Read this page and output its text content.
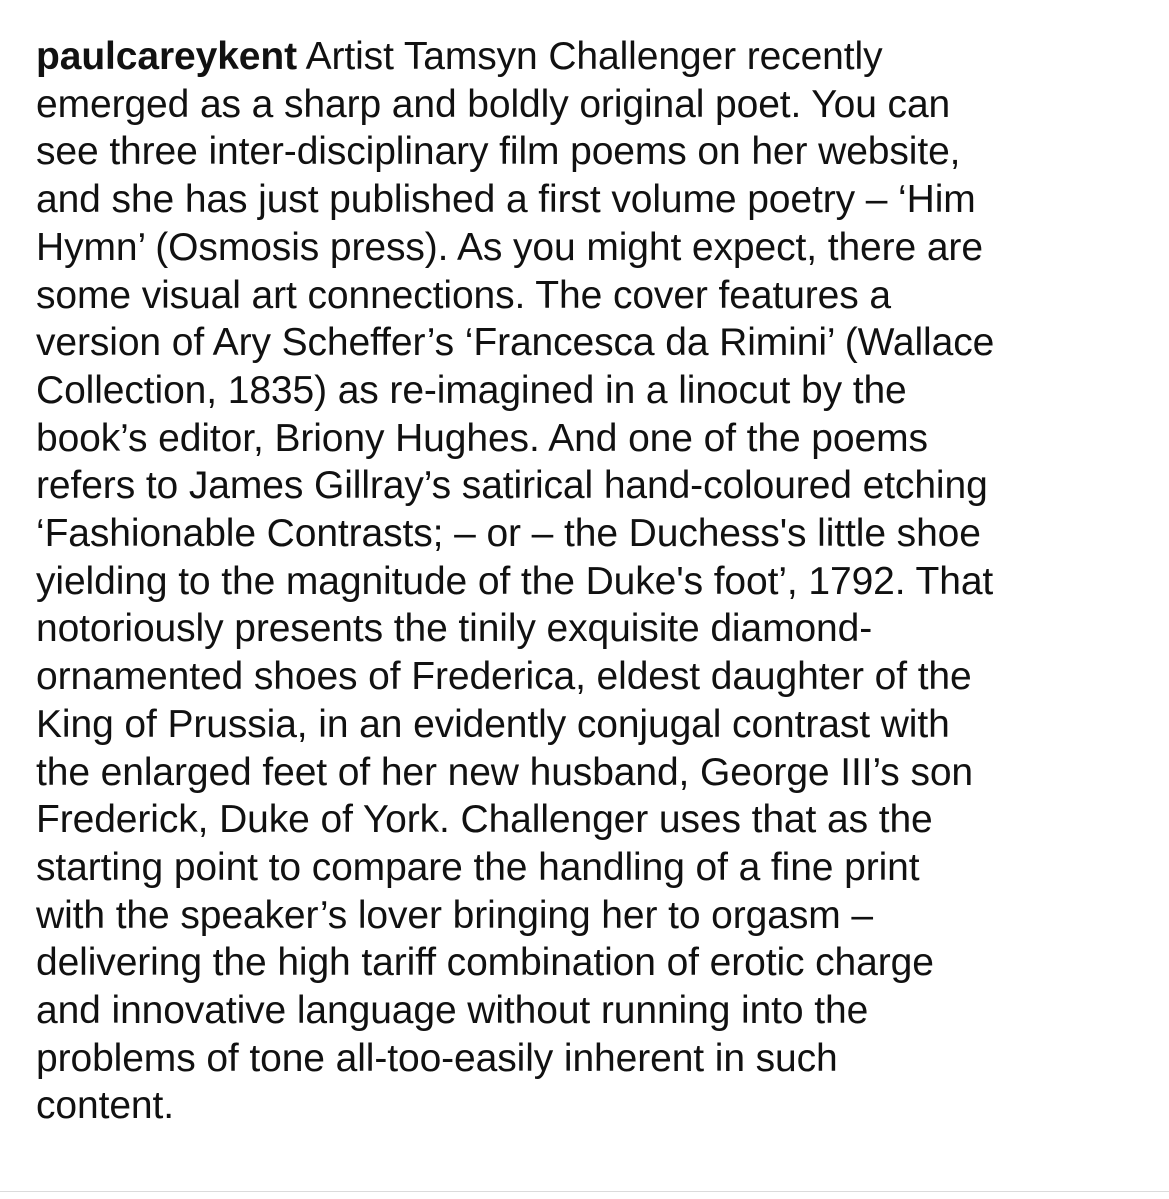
paulcareykent Artist Tamsyn Challenger recently
emerged as a sharp and boldly original poet. You can
see three inter-disciplinary film poems on her website,
and she has just published a first volume poetry – ‘Him
Hymn’ (Osmosis press). As you might expect, there are
some visual art connections. The cover features a
version of Ary Scheffer’s ‘Francesca da Rimini’ (Wallace
Collection, 1835) as re-imagined in a linocut by the
book’s editor, Briony Hughes. And one of the poems
refers to James Gillray’s satirical hand-coloured etching
‘Fashionable Contrasts; – or – the Duchess's little shoe
yielding to the magnitude of the Duke's foot’, 1792. That
notoriously presents the tinily exquisite diamond-
ornamented shoes of Frederica, eldest daughter of the
King of Prussia, in an evidently conjugal contrast with
the enlarged feet of her new husband, George III’s son
Frederick, Duke of York. Challenger uses that as the
starting point to compare the handling of a fine print
with the speaker’s lover bringing her to orgasm –
delivering the high tariff combination of erotic charge
and innovative language without running into the
problems of tone all-too-easily inherent in such
content.
